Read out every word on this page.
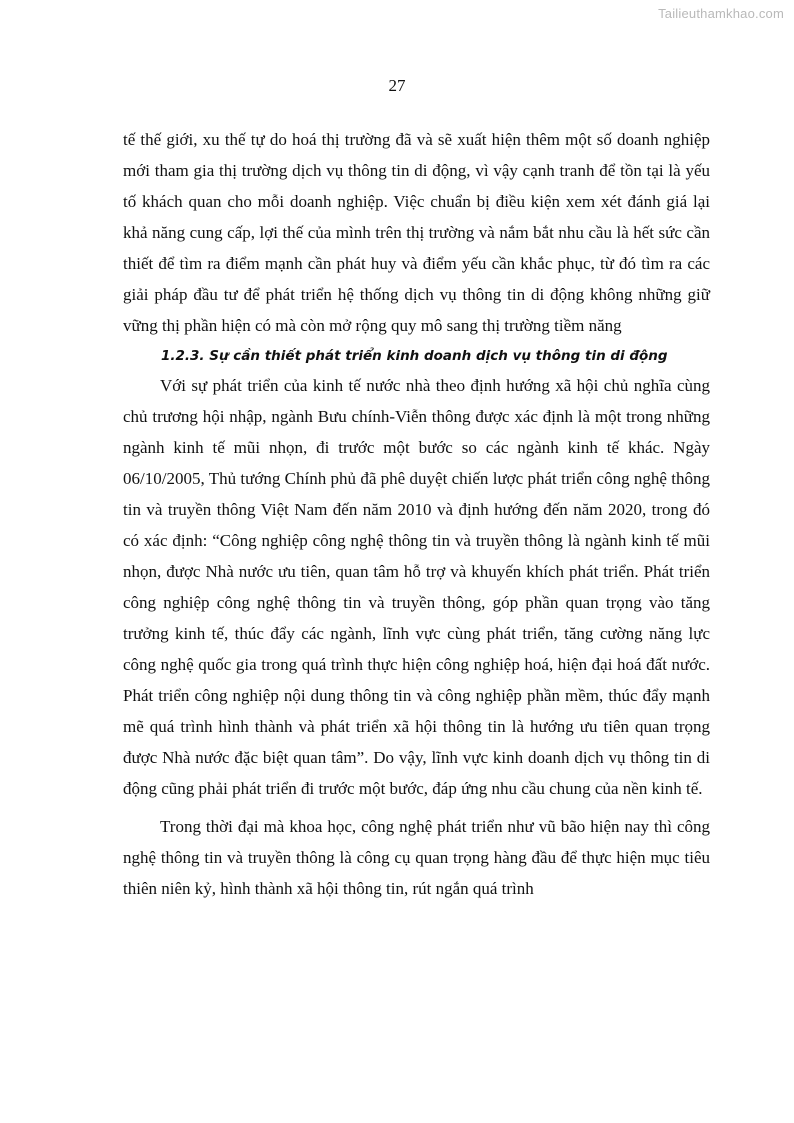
Tailieuthamkhao.com
27

tế thế giới, xu thế tự do hoá thị trường đã và sẽ xuất hiện thêm một số doanh nghiệp mới tham gia thị trường dịch vụ thông tin di động, vì vậy cạnh tranh để tồn tại là yếu tố khách quan cho mỗi doanh nghiệp. Việc chuẩn bị điều kiện xem xét đánh giá lại khả năng cung cấp, lợi thế của mình trên thị trường và nắm bắt nhu cầu là hết sức cần thiết để tìm ra điểm mạnh cần phát huy và điểm yếu cần khắc phục, từ đó tìm ra các giải pháp đầu tư để phát triển hệ thống dịch vụ thông tin di động không những giữ vững thị phần hiện có mà còn mở rộng quy mô sang thị trường tiềm năng

1.2.3. Sự cần thiết phát triển kinh doanh dịch vụ thông tin di động

Với sự phát triển của kinh tế nước nhà theo định hướng xã hội chủ nghĩa cùng chủ trương hội nhập, ngành Bưu chính-Viễn thông được xác định là một trong những ngành kinh tế mũi nhọn, đi trước một bước so các ngành kinh tế khác. Ngày 06/10/2005, Thủ tướng Chính phủ đã phê duyệt chiến lược phát triển công nghệ thông tin và truyền thông Việt Nam đến năm 2010 và định hướng đến năm 2020, trong đó có xác định: “Công nghiệp công nghệ thông tin và truyền thông là ngành kinh tế mũi nhọn, được Nhà nước ưu tiên, quan tâm hỗ trợ và khuyến khích phát triển. Phát triển công nghiệp công nghệ thông tin và truyền thông, góp phần quan trọng vào tăng trưởng kinh tế, thúc đẩy các ngành, lĩnh vực cùng phát triển, tăng cường năng lực công nghệ quốc gia trong quá trình thực hiện công nghiệp hoá, hiện đại hoá đất nước. Phát triển công nghiệp nội dung thông tin và công nghiệp phần mềm, thúc đẩy mạnh mẽ quá trình hình thành và phát triển xã hội thông tin là hướng ưu tiên quan trọng được Nhà nước đặc biệt quan tâm”. Do vậy, lĩnh vực kinh doanh dịch vụ thông tin di động cũng phải phát triển đi trước một bước, đáp ứng nhu cầu chung của nền kinh tế.

Trong thời đại mà khoa học, công nghệ phát triển như vũ bão hiện nay thì công nghệ thông tin và truyền thông là công cụ quan trọng hàng đầu để thực hiện mục tiêu thiên niên kỷ, hình thành xã hội thông tin, rút ngắn quá trình
